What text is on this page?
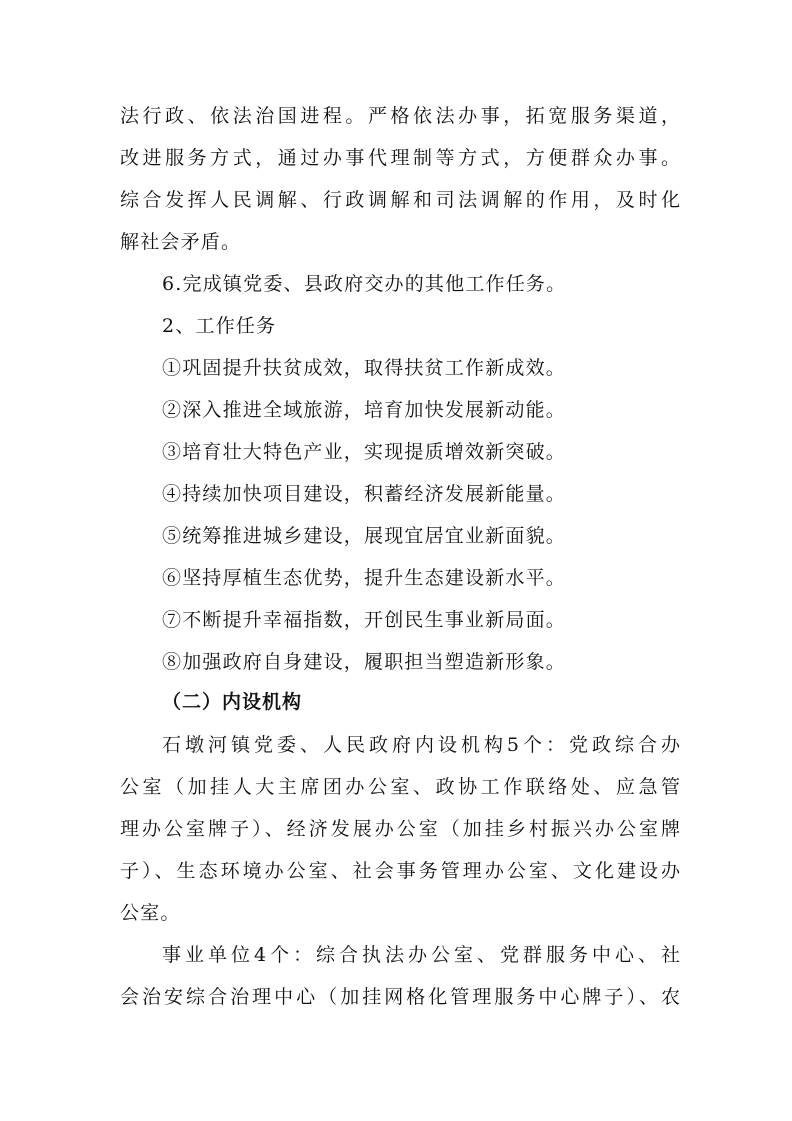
法行政、依法治国进程。严格依法办事，拓宽服务渠道，
改进服务方式，通过办事代理制等方式，方便群众办事。
综合发挥人民调解、行政调解和司法调解的作用，及时化
解社会矛盾。
6.完成镇党委、县政府交办的其他工作任务。
2、工作任务
①巩固提升扶贫成效，取得扶贫工作新成效。
②深入推进全域旅游，培育加快发展新动能。
③培育壮大特色产业，实现提质增效新突破。
④持续加快项目建设，积蓄经济发展新能量。
⑤统筹推进城乡建设，展现宜居宜业新面貌。
⑥坚持厚植生态优势，提升生态建设新水平。
⑦不断提升幸福指数，开创民生事业新局面。
⑧加强政府自身建设，履职担当塑造新形象。
（二）内设机构
石墩河镇党委、人民政府内设机构5个：党政综合办
公室（加挂人大主席团办公室、政协工作联络处、应急管
理办公室牌子）、经济发展办公室（加挂乡村振兴办公室牌
子）、生态环境办公室、社会事务管理办公室、文化建设办
公室。
事业单位4个：综合执法办公室、党群服务中心、社
会治安综合治理中心（加挂网格化管理服务中心牌子）、农
